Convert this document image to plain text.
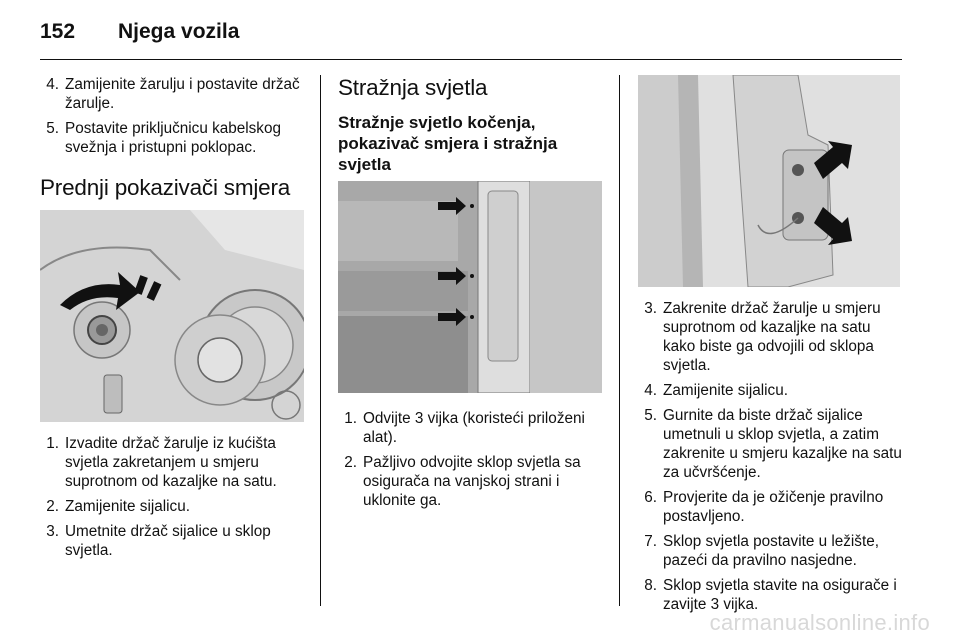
152	Njega vozila
4. Zamijenite žarulju i postavite držač žarulje.
5. Postavite priključnicu kabelskog svežnja i pristupni poklopac.
Prednji pokazivači smjera
1. Izvadite držač žarulje iz kućišta svjetla zakretanjem u smjeru suprotnom od kazaljke na satu.
2. Zamijenite sijalicu.
3. Umetnite držač sijalice u sklop svjetla.
Stražnja svjetla
Stražnje svjetlo kočenja, pokazivač smjera i stražnja svjetla
1. Odvijte 3 vijka (koristeći priloženi alat).
2. Pažljivo odvojite sklop svjetla sa osigurača na vanjskoj strani i uklonite ga.
3. Zakrenite držač žarulje u smjeru suprotnom od kazaljke na satu kako biste ga odvojili od sklopa svjetla.
4. Zamijenite sijalicu.
5. Gurnite da biste držač sijalice umetnuli u sklop svjetla, a zatim zakrenite u smjeru kazaljke na satu za učvršćenje.
6. Provjerite da je ožičenje pravilno postavljeno.
7. Sklop svjetla postavite u ležište, pazeći da pravilno nasjedne.
8. Sklop svjetla stavite na osigurače i zavijte 3 vijka.
carmanualsonline.info
